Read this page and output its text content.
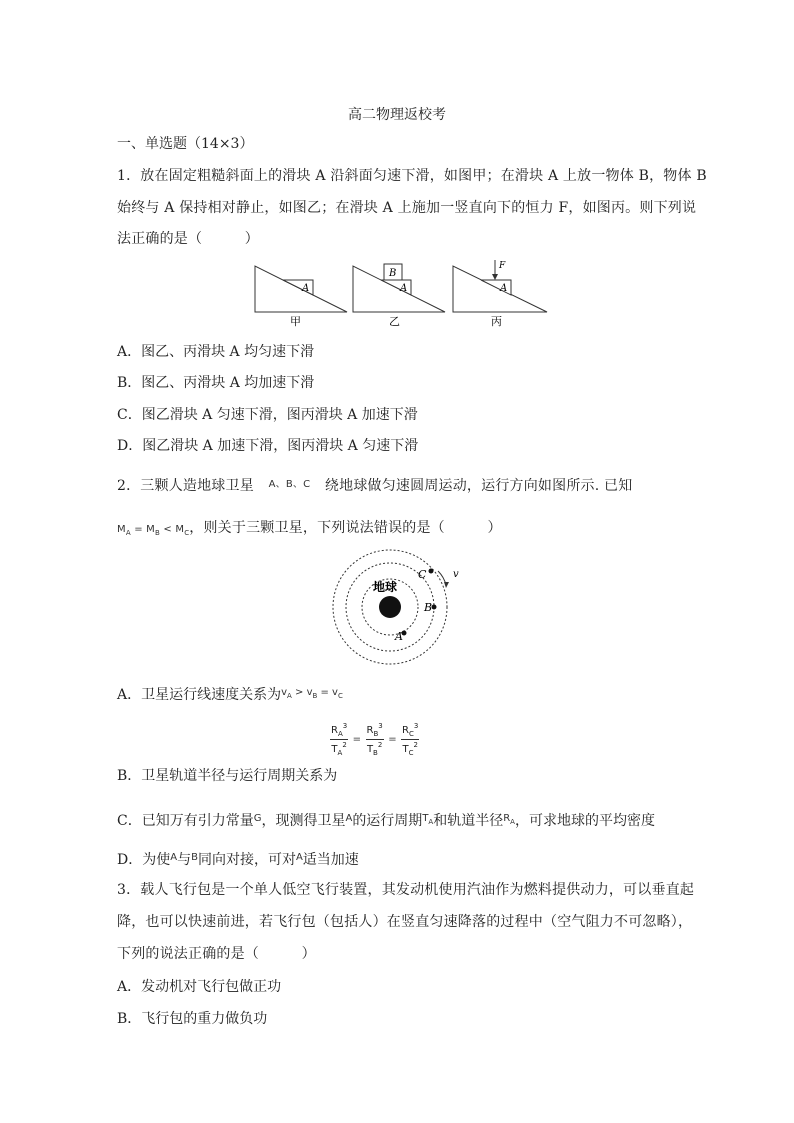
高二物理返校考
一、单选题（14×3）
1．放在固定粗糙斜面上的滑块 A 沿斜面匀速下滑，如图甲；在滑块 A 上放一物体 B，物体 B
始终与 A 保持相对静止，如图乙；在滑块 A 上施加一竖直向下的恒力 F，如图丙。则下列说
法正确的是（　　　）
A
B
A
F
A
甲	乙	丙
A．图乙、丙滑块 A 均匀速下滑
B．图乙、丙滑块 A 均加速下滑
C．图乙滑块 A 匀速下滑，图丙滑块 A 加速下滑
D．图乙滑块 A 加速下滑，图丙滑块 A 匀速下滑
2．三颗人造地球卫星 $^{A、B、C}$ 绕地球做匀速圆周运动，运行方向如图所示. 已知
$M_A = M_B < M_C$，则关于三颗卫星，下列说法错误的是（　　　）
地球
A
B
C	v
A．卫星运行线速度关系为$^{v_A > v_B = v_C}$
B．卫星轨道半径与运行周期关系为
$\frac{R_A^3}{T_A^2} = \frac{R_B^3}{T_B^2} = \frac{R_C^3}{T_C^2}$
C．已知万有引力常量$^G$，现测得卫星$^A$的运行周期$^{T_A}$和轨道半径$^{R_A}$，可求地球的平均密度
D．为使$^A$与$^B$同向对接，可对$^A$适当加速
3．载人飞行包是一个单人低空飞行装置，其发动机使用汽油作为燃料提供动力，可以垂直起
降，也可以快速前进，若飞行包（包括人）在竖直匀速降落的过程中（空气阻力不可忽略），
下列的说法正确的是（　　　）
A．发动机对飞行包做正功
B．飞行包的重力做负功
